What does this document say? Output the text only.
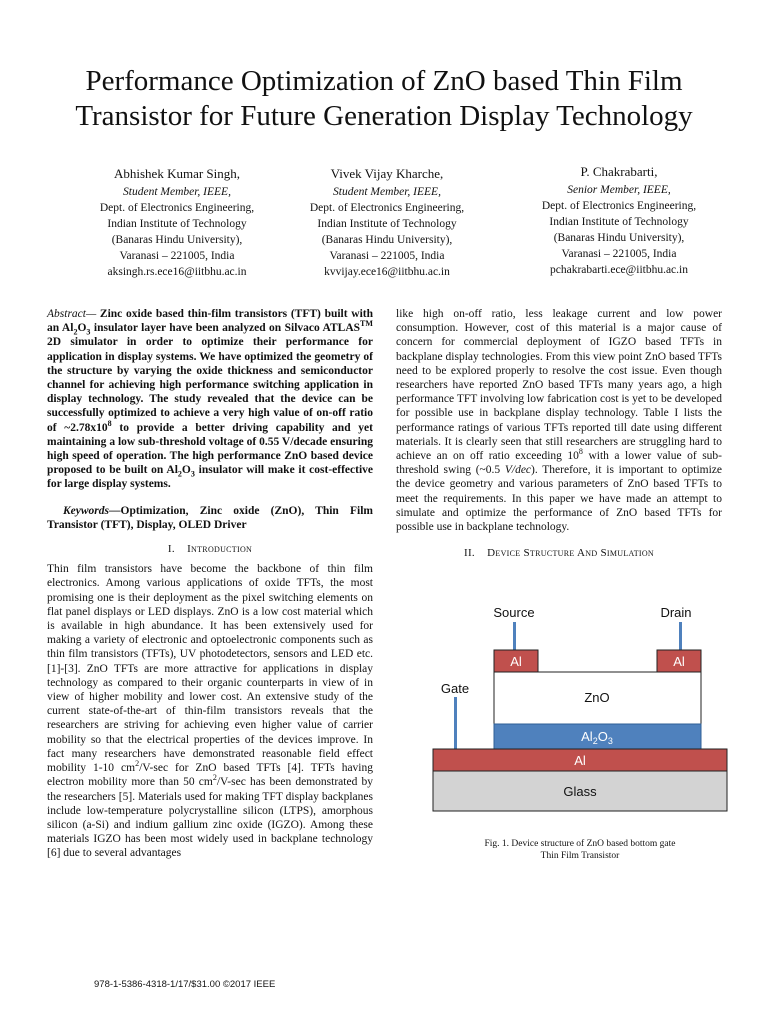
Performance Optimization of ZnO based Thin Film
Transistor for Future Generation Display Technology
Abhishek Kumar Singh,
Student Member, IEEE,
Dept. of Electronics Engineering,
Indian Institute of Technology
(Banaras Hindu University),
Varanasi – 221005, India
aksingh.rs.ece16@iitbhu.ac.in
Vivek Vijay Kharche,
Student Member, IEEE,
Dept. of Electronics Engineering,
Indian Institute of Technology
(Banaras Hindu University),
Varanasi – 221005, India
kvvijay.ece16@iitbhu.ac.in
P. Chakrabarti,
Senior Member, IEEE,
Dept. of Electronics Engineering,
Indian Institute of Technology
(Banaras Hindu University),
Varanasi – 221005, India
pchakrabarti.ece@iitbhu.ac.in

Abstract— Zinc oxide based thin-film transistors (TFT) built with an $Al_2O_3$ insulator layer have been analyzed on Silvaco ATLAS™ 2D simulator in order to optimize their performance for application in display systems. We have optimized the geometry of the structure by varying the oxide thickness and semiconductor channel for achieving high performance switching application in display technology. The study revealed that the device can be successfully optimized to achieve a very high value of on-off ratio of $\sim 2.78x10^8$ to provide a better driving capability and yet maintaining a low sub-threshold voltage of 0.55 V/decade ensuring high speed of operation. The high performance ZnO based device proposed to be built on $Al_2O_3$ insulator will make it cost-effective for large display systems.

Keywords—Optimization, Zinc oxide (ZnO), Thin Film Transistor (TFT), Display, OLED Driver

I. Introduction

Thin film transistors have become the backbone of thin film electronics. Among various applications of oxide TFTs, the most promising one is their deployment as the pixel switching elements on flat panel displays or LED displays. ZnO is a low cost material which is available in high abundance. It has been extensively used for making a variety of electronic and optoelectronic components such as thin film transistors (TFTs), UV photodetectors, sensors and LED etc. [1]-[3]. ZnO TFTs are more attractive for applications in display technology as compared to their organic counterparts in view of in view of higher mobility and lower cost. An extensive study of the current state-of-the-art of thin-film transistors reveals that the researchers are striving for achieving even higher value of carrier mobility so that the electrical properties of the devices improve. In fact many researchers have demonstrated reasonable field effect mobility 1-10 $cm^2/V-\sec$ for ZnO based TFTs [4]. TFTs having electron mobility more than 50 $cm^2/V-\sec$ has been demonstrated by the researchers [5]. Materials used for making TFT display backplanes include low-temperature polycrystalline silicon (LTPS), amorphous silicon (a-Si) and indium gallium zinc oxide (IGZO). Among these materials IGZO has been most widely used in backplane technology [6] due to several advantages

like high on-off ratio, less leakage current and low power consumption. However, cost of this material is a major cause of concern for commercial deployment of IGZO based TFTs in backplane display technologies. From this view point ZnO based TFTs need to be explored properly to resolve the cost issue. Even though researchers have reported ZnO based TFTs many years ago, a high performance TFT involving low fabrication cost is yet to be developed for possible use in backplane display technology. Table I lists the performance ratings of various TFTs reported till date using different materials. It is clearly seen that still researchers are struggling hard to achieve an on off ratio exceeding $10^8$ with a lower value of sub-threshold swing (~0.5 V/dec). Therefore, it is important to optimize the device geometry and various parameters of ZnO based TFTs to meet the requirements. In this paper we have made an attempt to simulate and optimize the performance of ZnO based TFTs for possible use in backplane technology.

II. Device Structure And Simulation

Source	Drain
Gate
Al	Al
ZnO
$Al_2O_3$
Al
Glass
Fig. 1. Device structure of ZnO based bottom gate
Thin Film Transistor
978-1-5386-4318-1/17/$31.00 ©2017 IEEE
